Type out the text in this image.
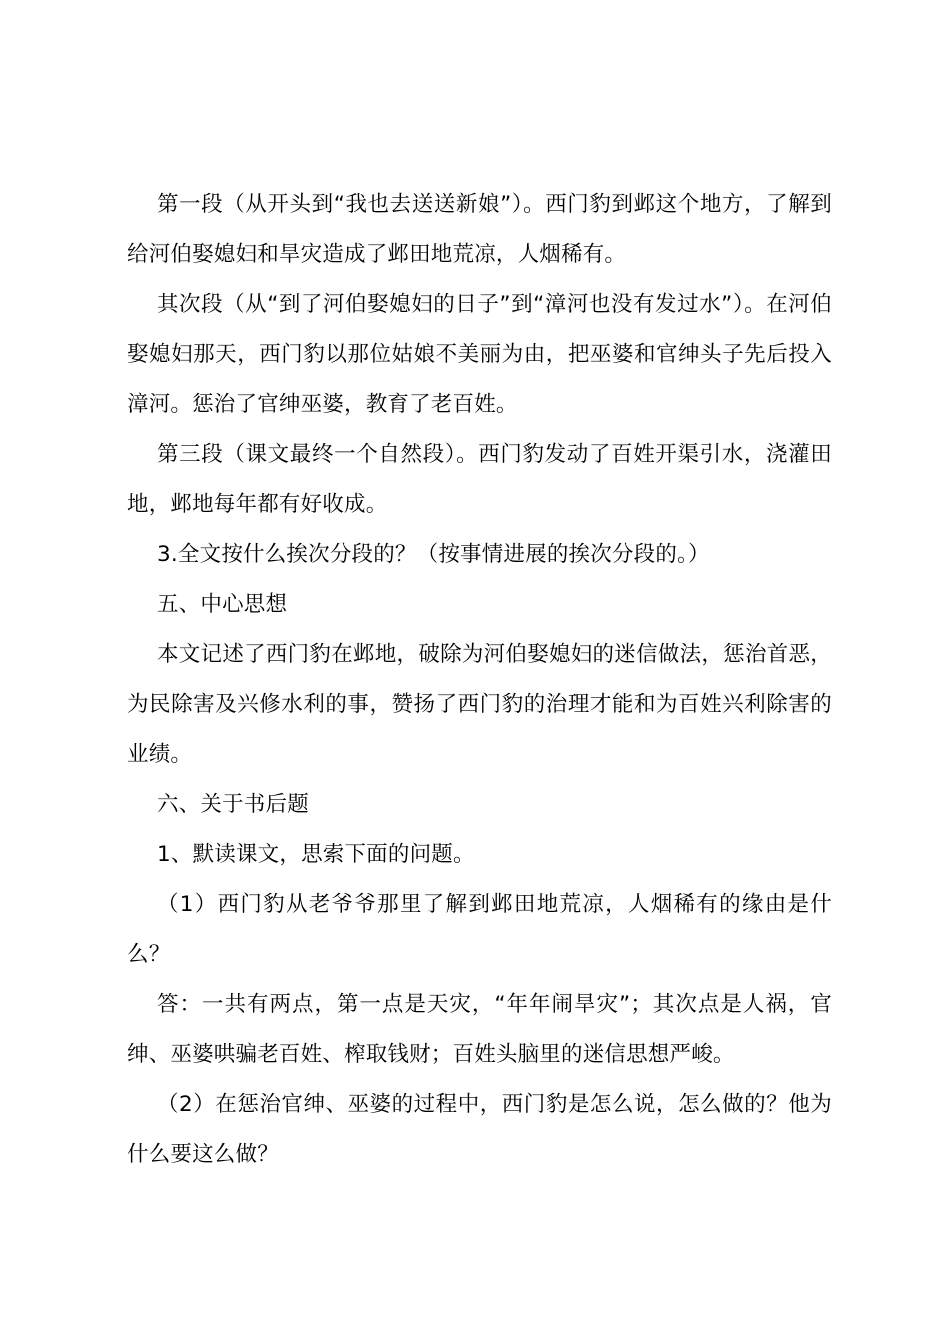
第一段（从开头到“我也去送送新娘”）。西门豹到邺这个地方，了解到给河伯娶媳妇和旱灾造成了邺田地荒凉，人烟稀有。

其次段（从“到了河伯娶媳妇的日子”到“漳河也没有发过水”）。在河伯娶媳妇那天，西门豹以那位姑娘不美丽为由，把巫婆和官绅头子先后投入漳河。惩治了官绅巫婆，教育了老百姓。

第三段（课文最终一个自然段）。西门豹发动了百姓开渠引水，浇灌田地，邺地每年都有好收成。

3.全文按什么挨次分段的？（按事情进展的挨次分段的。）

五、中心思想

本文记述了西门豹在邺地，破除为河伯娶媳妇的迷信做法，惩治首恶，为民除害及兴修水利的事，赞扬了西门豹的治理才能和为百姓兴利除害的业绩。

六、关于书后题

1、默读课文，思索下面的问题。

（1）西门豹从老爷爷那里了解到邺田地荒凉，人烟稀有的缘由是什么？

答：一共有两点，第一点是天灾，“年年闹旱灾”；其次点是人祸，官绅、巫婆哄骗老百姓、榨取钱财；百姓头脑里的迷信思想严峻。

（2）在惩治官绅、巫婆的过程中，西门豹是怎么说，怎么做的？他为什么要这么做？
